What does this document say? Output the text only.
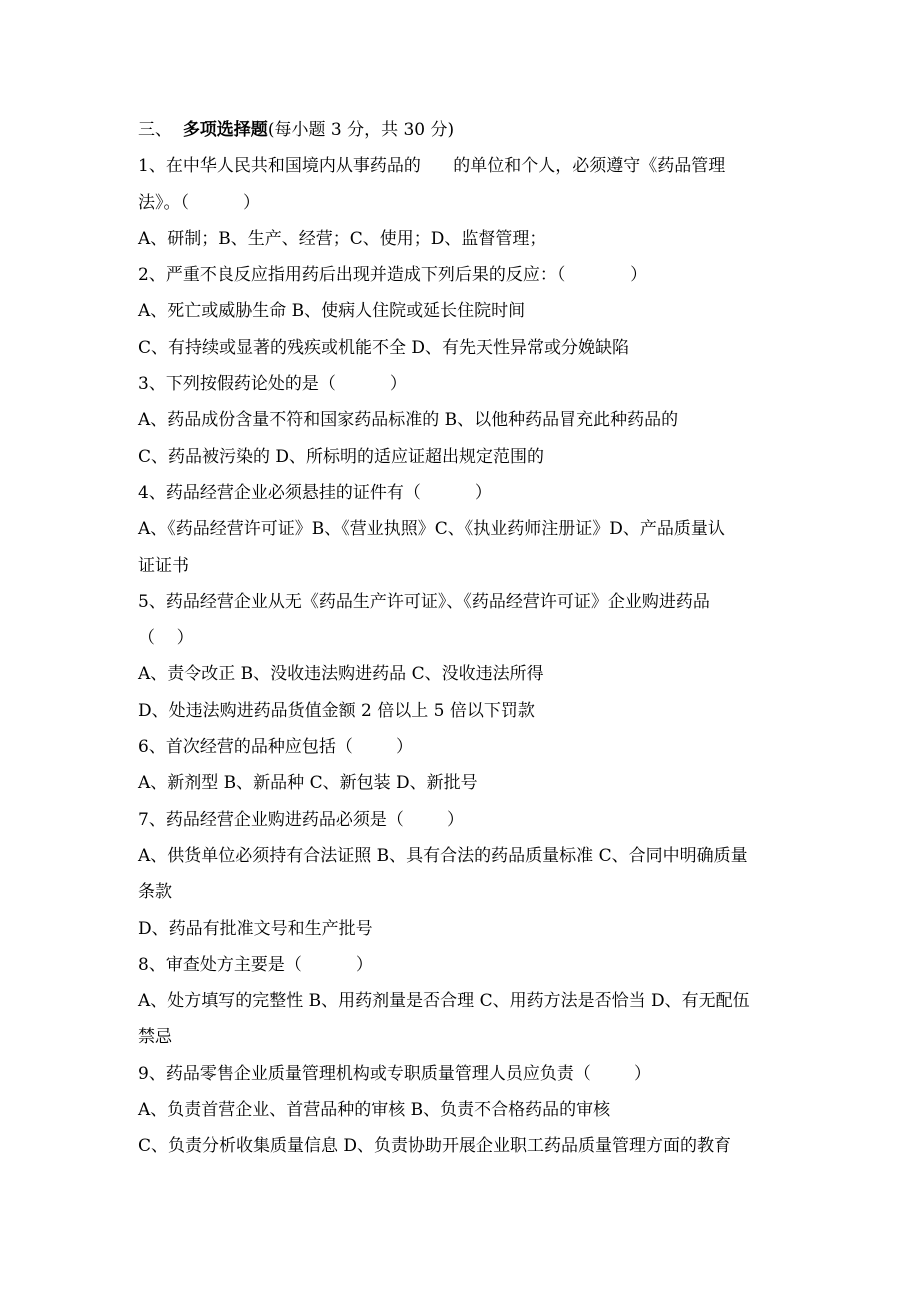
三、  多项选择题(每小题 3 分，共 30 分)
1、在中华人民共和国境内从事药品的      的单位和个人，必须遵守《药品管理
法》。（          ）
A、研制；B、生产、经营；C、使用；D、监督管理；
2、严重不良反应指用药后出现并造成下列后果的反应：（            ）
A、死亡或威胁生命 B、使病人住院或延长住院时间
C、有持续或显著的残疾或机能不全 D、有先天性异常或分娩缺陷
3、下列按假药论处的是（          ）
A、药品成份含量不符和国家药品标准的 B、以他种药品冒充此种药品的
C、药品被污染的 D、所标明的适应证超出规定范围的
4、药品经营企业必须悬挂的证件有（          ）
A、《药品经营许可证》B、《营业执照》C、《执业药师注册证》D、产品质量认
证证书
5、药品经营企业从无《药品生产许可证》、《药品经营许可证》企业购进药品
（    ）
A、责令改正 B、没收违法购进药品 C、没收违法所得
D、处违法购进药品货值金额 2 倍以上 5 倍以下罚款
6、首次经营的品种应包括（        ）
A、新剂型 B、新品种 C、新包装 D、新批号
7、药品经营企业购进药品必须是（        ）
A、供货单位必须持有合法证照 B、具有合法的药品质量标准 C、合同中明确质量
条款
D、药品有批准文号和生产批号
8、审查处方主要是（          ）
A、处方填写的完整性 B、用药剂量是否合理 C、用药方法是否恰当 D、有无配伍
禁忌
9、药品零售企业质量管理机构或专职质量管理人员应负责（        ）
A、负责首营企业、首营品种的审核 B、负责不合格药品的审核
C、负责分析收集质量信息 D、负责协助开展企业职工药品质量管理方面的教育
